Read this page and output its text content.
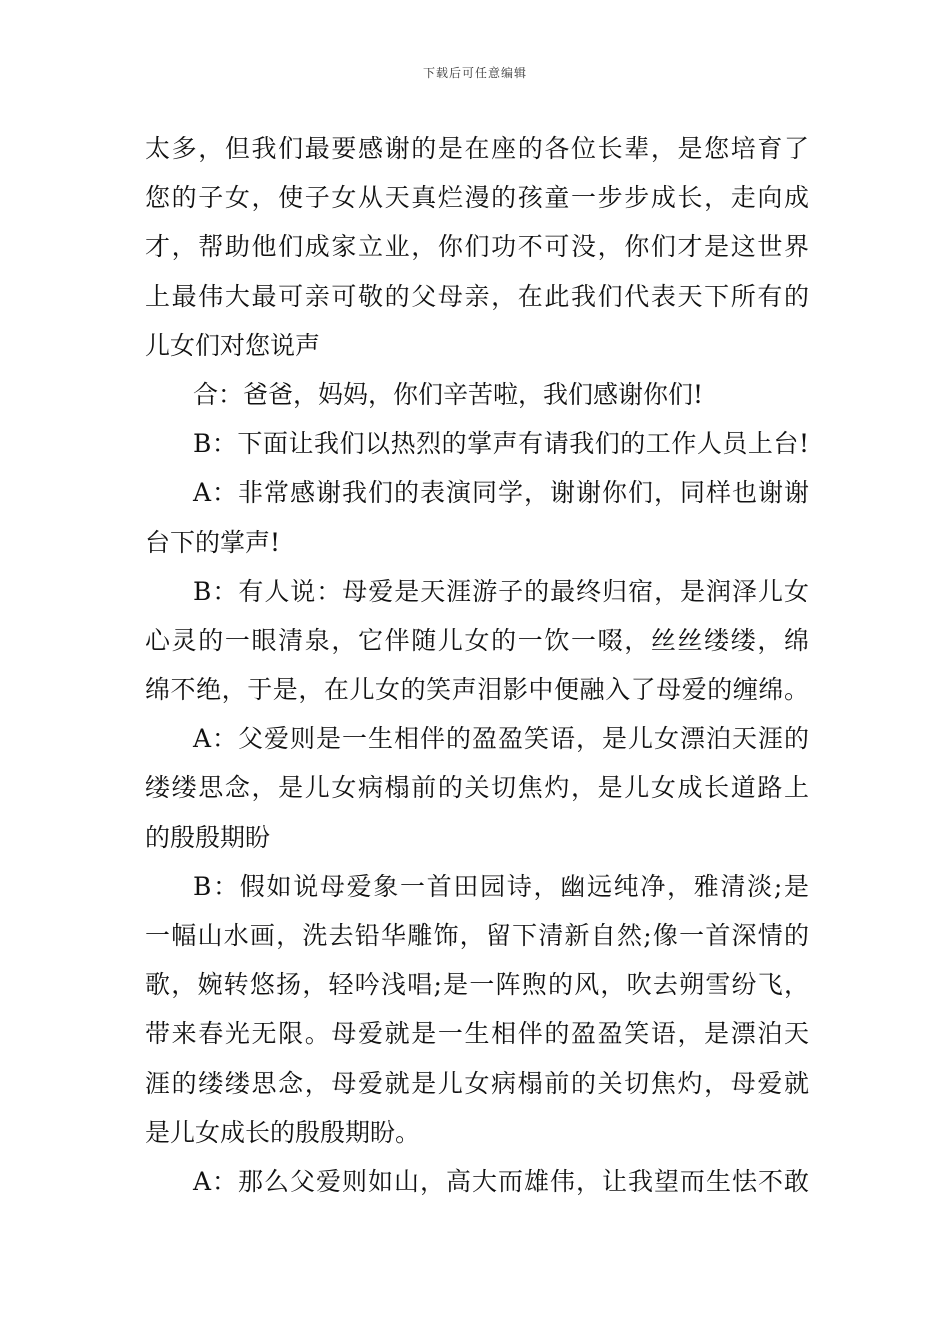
下载后可任意编辑
太多，但我们最要感谢的是在座的各位长辈，是您培育了
您的子女，使子女从天真烂漫的孩童一步步成长，走向成
才，帮助他们成家立业，你们功不可没，你们才是这世界
上最伟大最可亲可敬的父母亲，在此我们代表天下所有的
儿女们对您说声
合：爸爸，妈妈，你们辛苦啦，我们感谢你们!
B：下面让我们以热烈的掌声有请我们的工作人员上台!
A：非常感谢我们的表演同学，谢谢你们，同样也谢谢
台下的掌声!
B：有人说：母爱是天涯游子的最终归宿，是润泽儿女
心灵的一眼清泉，它伴随儿女的一饮一啜，丝丝缕缕，绵
绵不绝，于是，在儿女的笑声泪影中便融入了母爱的缠绵。
A：父爱则是一生相伴的盈盈笑语，是儿女漂泊天涯的
缕缕思念，是儿女病榻前的关切焦灼，是儿女成长道路上
的殷殷期盼
B：假如说母爱象一首田园诗，幽远纯净，雅清淡;是
一幅山水画，洗去铅华雕饰，留下清新自然;像一首深情的
歌，婉转悠扬，轻吟浅唱;是一阵煦的风，吹去朔雪纷飞，
带来春光无限。母爱就是一生相伴的盈盈笑语，是漂泊天
涯的缕缕思念，母爱就是儿女病榻前的关切焦灼，母爱就
是儿女成长的殷殷期盼。
A：那么父爱则如山，高大而雄伟，让我望而生怯不敢
